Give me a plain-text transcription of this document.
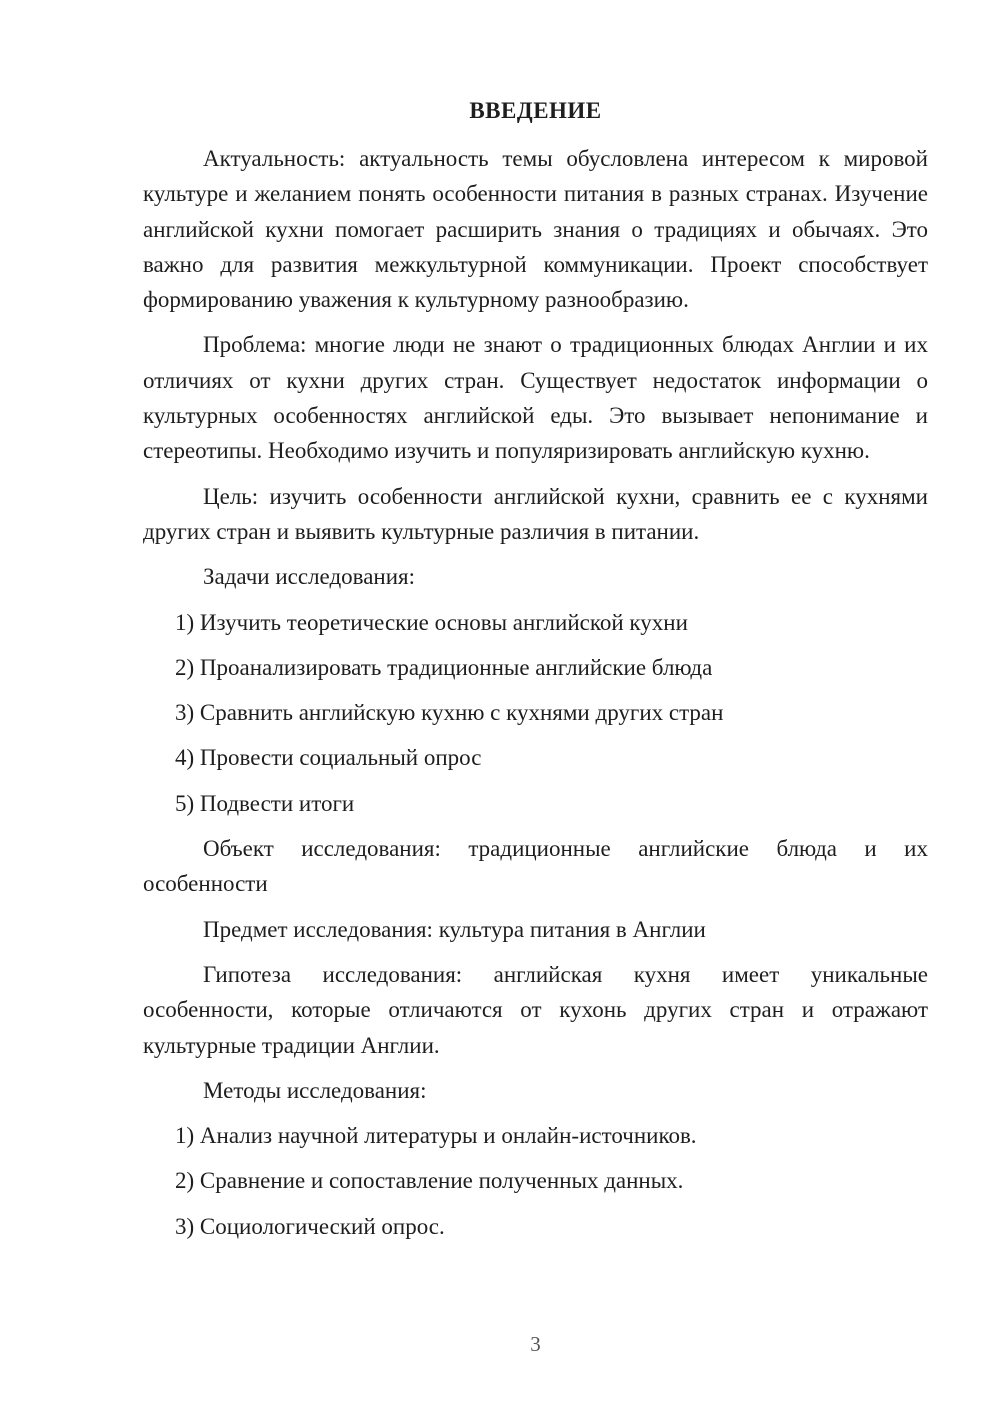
ВВЕДЕНИЕ

Актуальность: актуальность темы обусловлена интересом к мировой культуре и желанием понять особенности питания в разных странах. Изучение английской кухни помогает расширить знания о традициях и обычаях. Это важно для развития межкультурной коммуникации. Проект способствует формированию уважения к культурному разнообразию.

Проблема: многие люди не знают о традиционных блюдах Англии и их отличиях от кухни других стран. Существует недостаток информации о культурных особенностях английской еды. Это вызывает непонимание и стереотипы. Необходимо изучить и популяризировать английскую кухню.

Цель: изучить особенности английской кухни, сравнить ее с кухнями других стран и выявить культурные различия в питании.

Задачи исследования:

1) Изучить теоретические основы английской кухни

2) Проанализировать традиционные английские блюда

3) Сравнить английскую кухню с кухнями других стран

4) Провести социальный опрос

5) Подвести итоги

Объект исследования: традиционные английские блюда и их особенности

Предмет исследования: культура питания в Англии

Гипотеза исследования: английская кухня имеет уникальные особенности, которые отличаются от кухонь других стран и отражают культурные традиции Англии.

Методы исследования:

1) Анализ научной литературы и онлайн-источников.

2) Сравнение и сопоставление полученных данных.

3) Социологический опрос.

3
